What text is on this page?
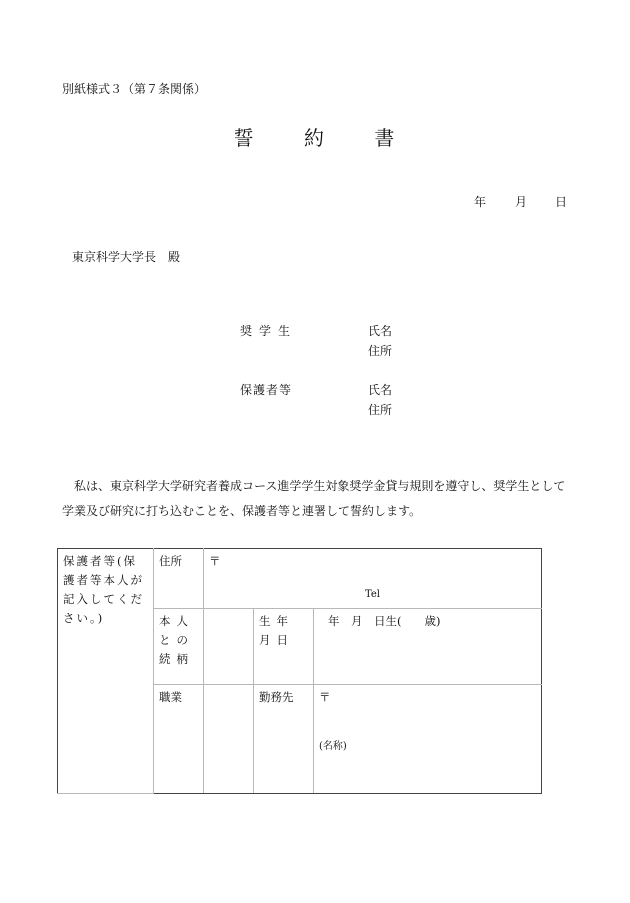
別紙様式３（第７条関係）
誓 約 書
年 月 日
東京科学大学長　殿
奨学生	氏名
住所
保護者等	氏名
住所
私は、東京科学大学研究者養成コース進学学生対象奨学金貸与規則を遵守し、奨学生として学業及び研究に打ち込むことを、保護者等と連署して誓約します。
保護者等(保護者等本人が記入してください。)	住所	〒
Tel		

	本人との続柄		生年月日	年　月　日生(　　歳)
	職業		勤務先	〒
(名称)
